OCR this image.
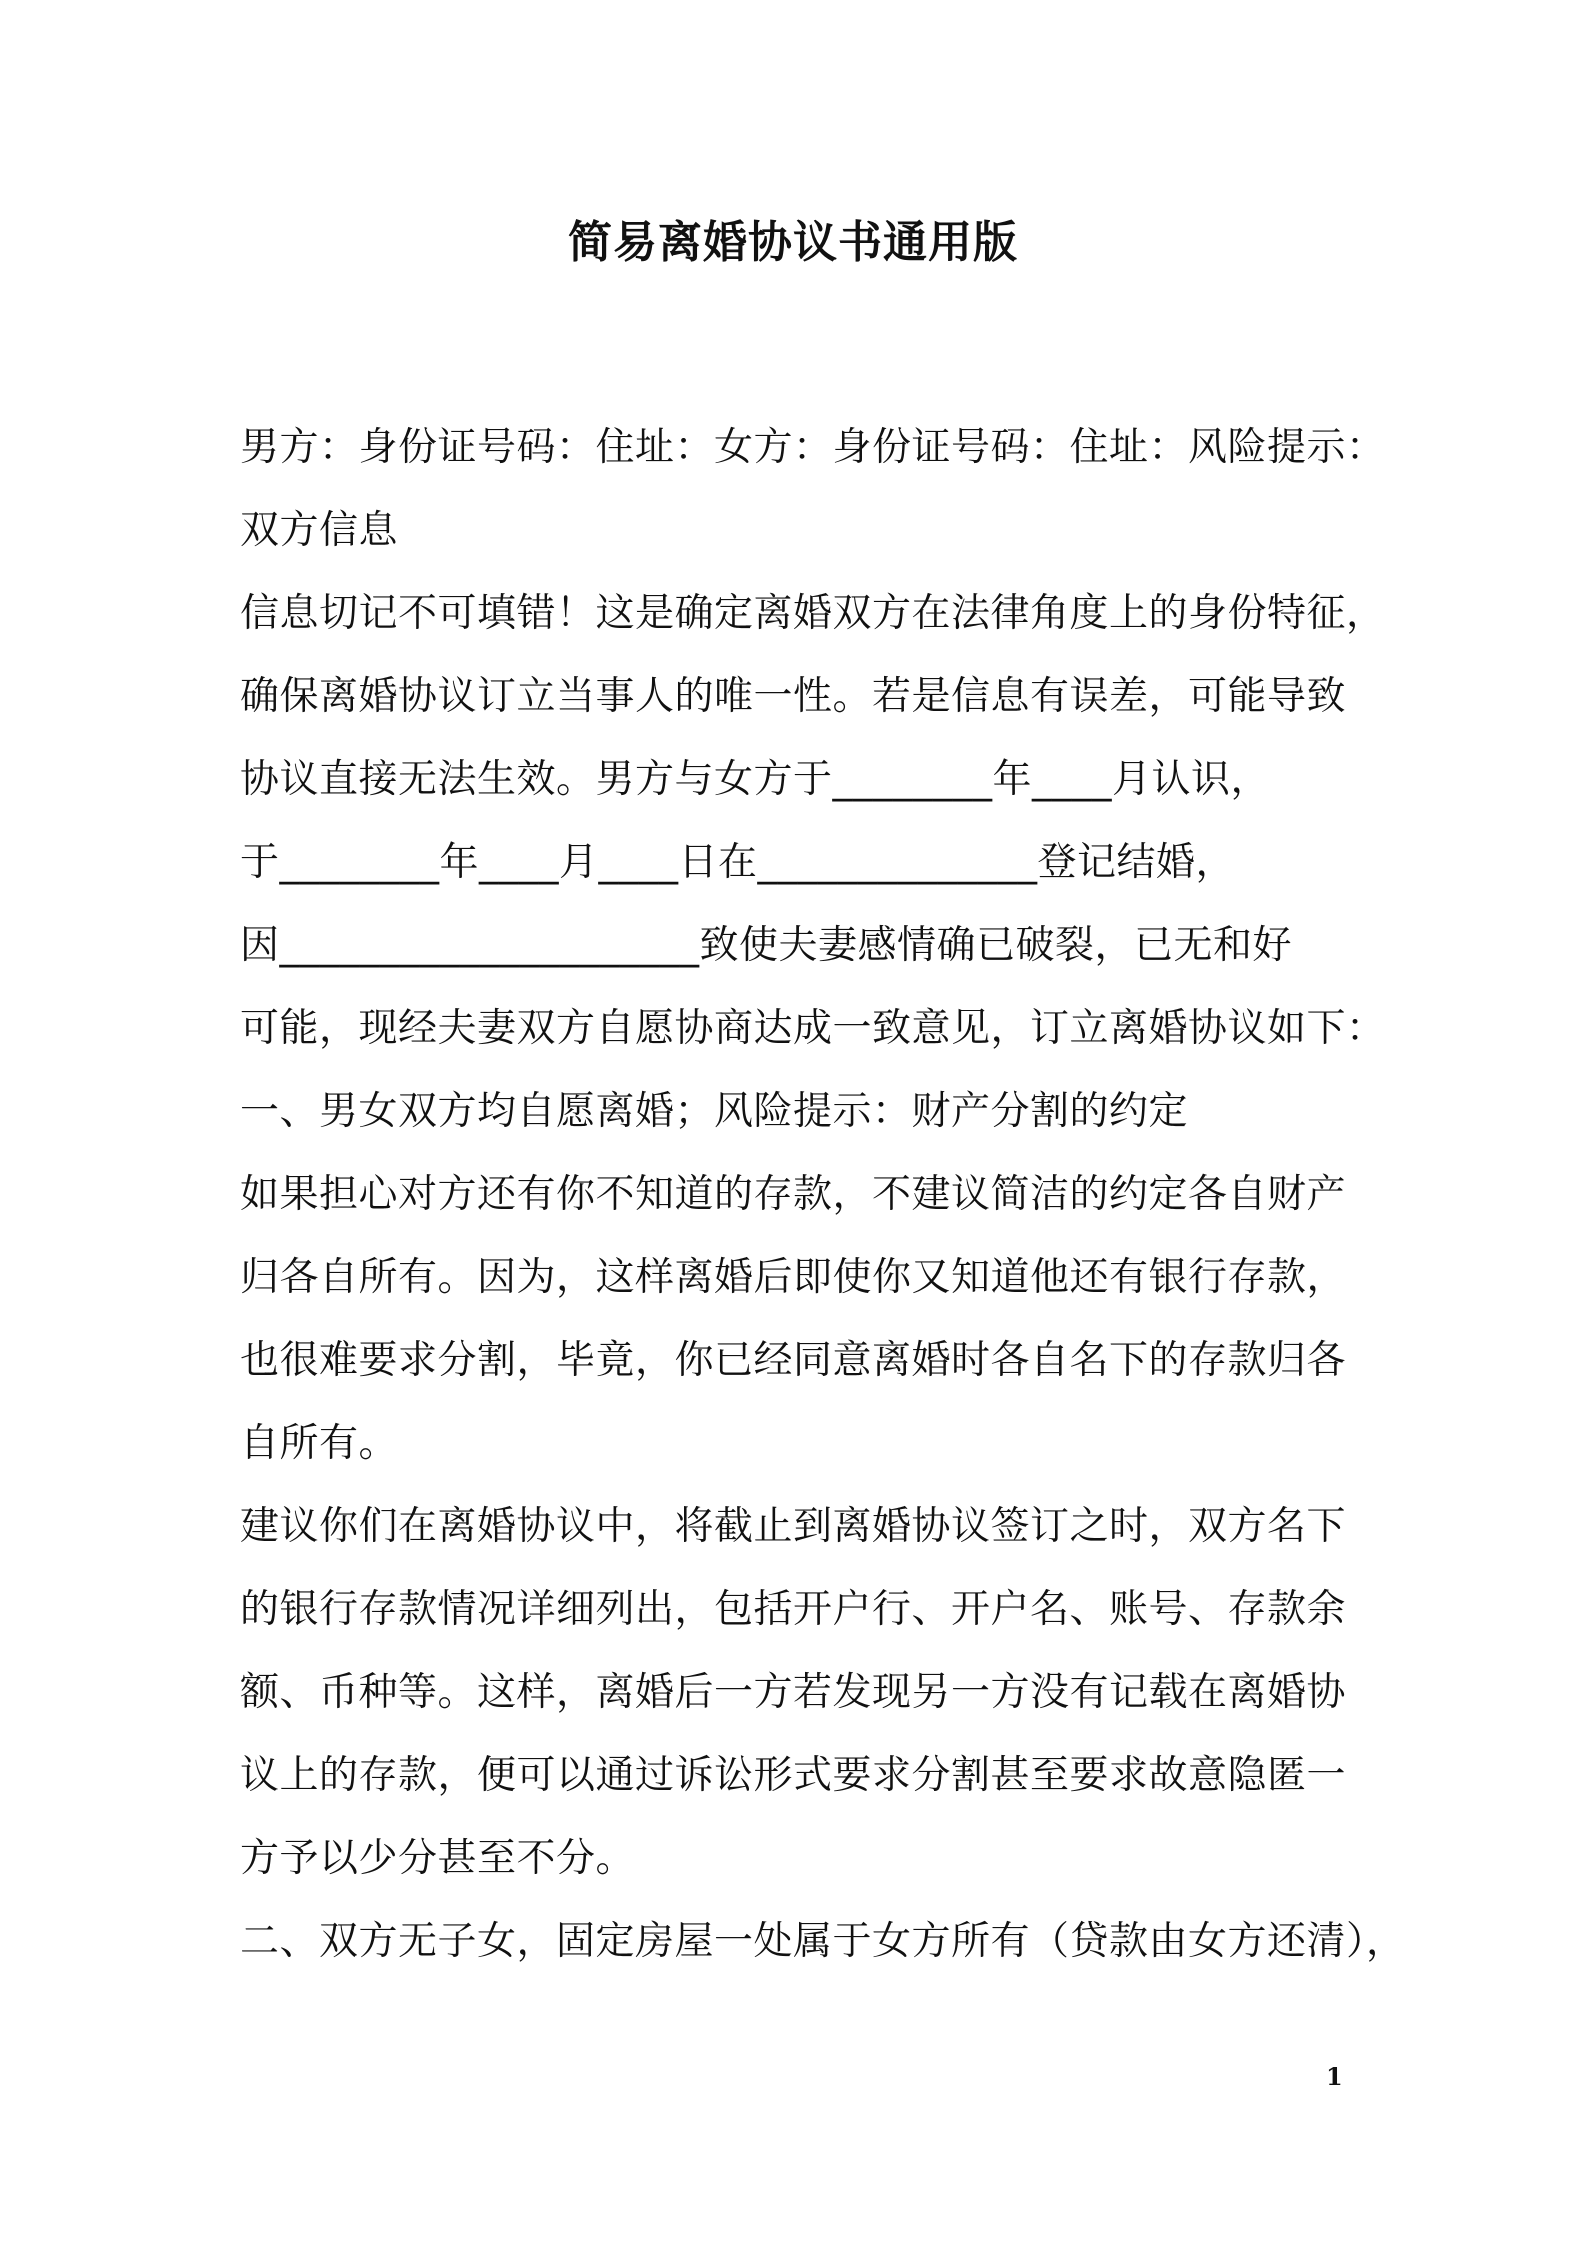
简易离婚协议书通用版
男方：身份证号码：住址：女方：身份证号码：住址：风险提示：
双方信息
信息切记不可填错！这是确定离婚双方在法律角度上的身份特征，
确保离婚协议订立当事人的唯一性。若是信息有误差，可能导致
协议直接无法生效。男方与女方于________年____月认识，
于________年____月____日在______________登记结婚，
因_____________________致使夫妻感情确已破裂，已无和好
可能，现经夫妻双方自愿协商达成一致意见，订立离婚协议如下：
一、男女双方均自愿离婚；风险提示：财产分割的约定
如果担心对方还有你不知道的存款，不建议简洁的约定各自财产
归各自所有。因为，这样离婚后即使你又知道他还有银行存款，
也很难要求分割，毕竟，你已经同意离婚时各自名下的存款归各
自所有。
建议你们在离婚协议中，将截止到离婚协议签订之时，双方名下
的银行存款情况详细列出，包括开户行、开户名、账号、存款余
额、币种等。这样，离婚后一方若发现另一方没有记载在离婚协
议上的存款，便可以通过诉讼形式要求分割甚至要求故意隐匿一
方予以少分甚至不分。
二、双方无子女，固定房屋一处属于女方所有（贷款由女方还清），
1
